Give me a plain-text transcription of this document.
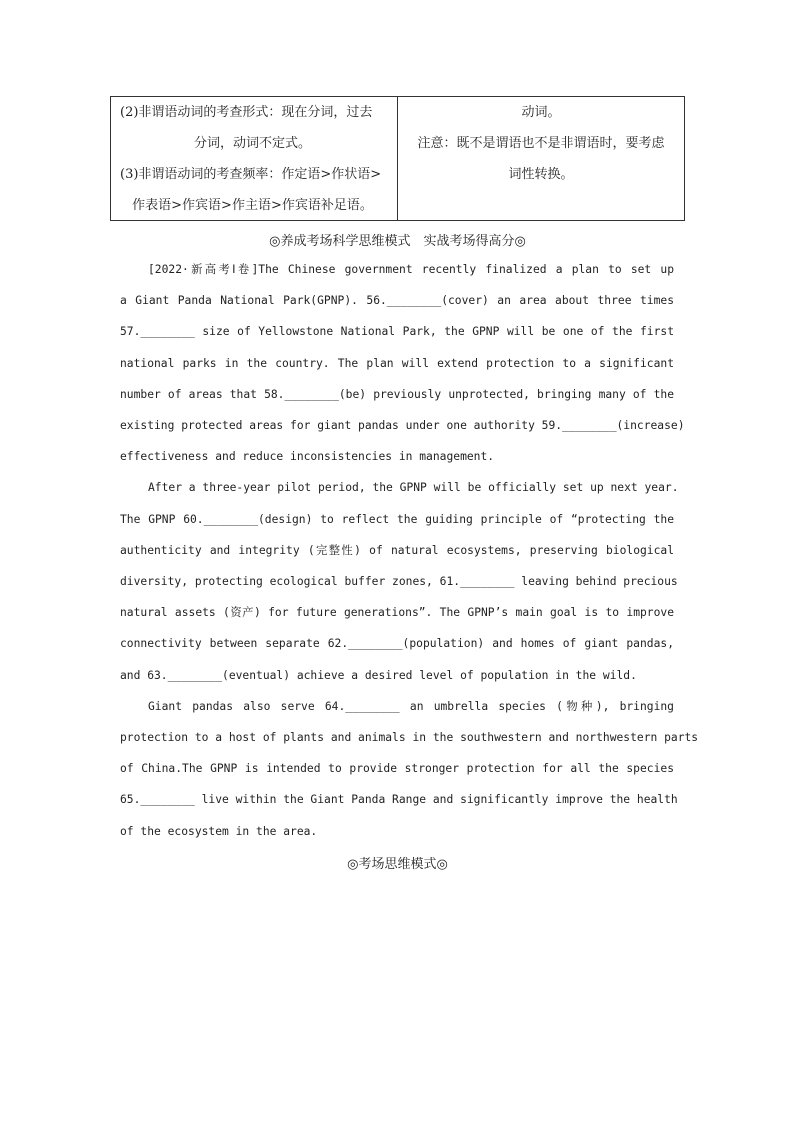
(2)非谓语动词的考查形式：现在分词，过去
分词，动词不定式。
(3)非谓语动词的考查频率：作定语>作状语>
作表语>作宾语>作主语>作宾语补足语。
动词。
注意：既不是谓语也不是非谓语时，要考虑
词性转换。
◎养成考场科学思维模式　实战考场得高分◎
[2022·新高考Ⅰ卷]The Chinese government recently finalized a plan to set up
a Giant Panda National Park(GPNP). 56.________(cover) an area about three times
57.________ size of Yellowstone National Park, the GPNP will be one of the first
national parks in the country. The plan will extend protection to a significant
number of areas that 58.________(be) previously unprotected, bringing many of the
existing protected areas for giant pandas under one authority 59.________(increase)
effectiveness and reduce inconsistencies in management.
After a three-year pilot period, the GPNP will be officially set up next year.
The GPNP 60.________(design) to reflect the guiding principle of “protecting the
authenticity and integrity (完整性) of natural ecosystems, preserving biological
diversity, protecting ecological buffer zones, 61.________ leaving behind precious
natural assets (资产) for future generations”. The GPNP’s main goal is to improve
connectivity between separate 62.________(population) and homes of giant pandas,
and 63.________(eventual) achieve a desired level of population in the wild.
Giant pandas also serve 64.________ an umbrella species (物种), bringing
protection to a host of plants and animals in the southwestern and northwestern parts
of China.The GPNP is intended to provide stronger protection for all the species
65.________ live within the Giant Panda Range and significantly improve the health
of the ecosystem in the area.
◎考场思维模式◎
